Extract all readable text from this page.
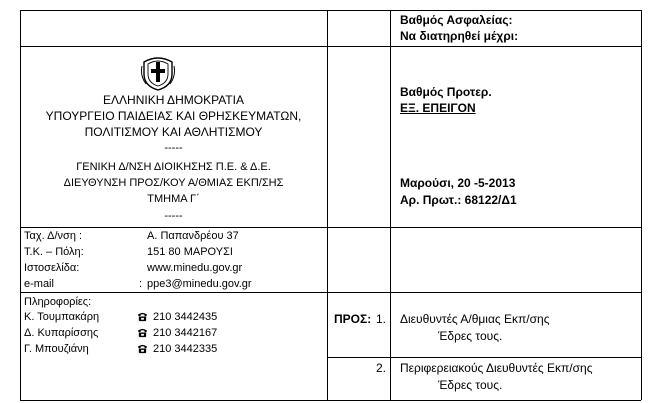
Βαθμός Ασφαλείας:
Να διατηρηθεί μέχρι:
ΕΛΛΗΝΙΚΗ ΔΗΜΟΚΡΑΤΙΑ
ΥΠΟΥΡΓΕΙΟ ΠΑΙΔΕΙΑΣ ΚΑΙ ΘΡΗΣΚΕΥΜΑΤΩΝ,
ΠΟΛΙΤΙΣΜΟΥ ΚΑΙ ΑΘΛΗΤΙΣΜΟΥ
-----
ΓΕΝΙΚΗ Δ/ΝΣΗ ΔΙΟΙΚΗΣΗΣ Π.Ε. & Δ.Ε.
ΔΙΕΥΘΥΝΣΗ ΠΡΟΣ/ΚΟΥ Α/ΘΜΙΑΣ ΕΚΠ/ΣΗΣ
ΤΜΗΜΑ Γ΄
-----
Βαθμός Προτερ.
ΕΞ. ΕΠΕΙΓΟΝ
Μαρούσι, 20 -5-2013
Αρ. Πρωτ.: 68122/Δ1
Ταχ. Δ/νση :	Α. Παπανδρέου 37
Τ.Κ. – Πόλη:	151 80 ΜΑΡΟΥΣΙ
Ιστοσελίδα:	www.minedu.gov.gr
e-mail	: ppe3@minedu.gov.gr
Πληροφορίες:
Κ. Τουμπακάρη	210 3442435
Δ. Κυπαρίσσης	210 3442167
Γ. Μπουζιάνη	210 3442335
ΠΡΟΣ: 1. Διευθυντές Α/θμιας Εκπ/σης
Έδρες τους.
2. Περιφερειακούς Διευθυντές Εκπ/σης
Έδρες τους.
